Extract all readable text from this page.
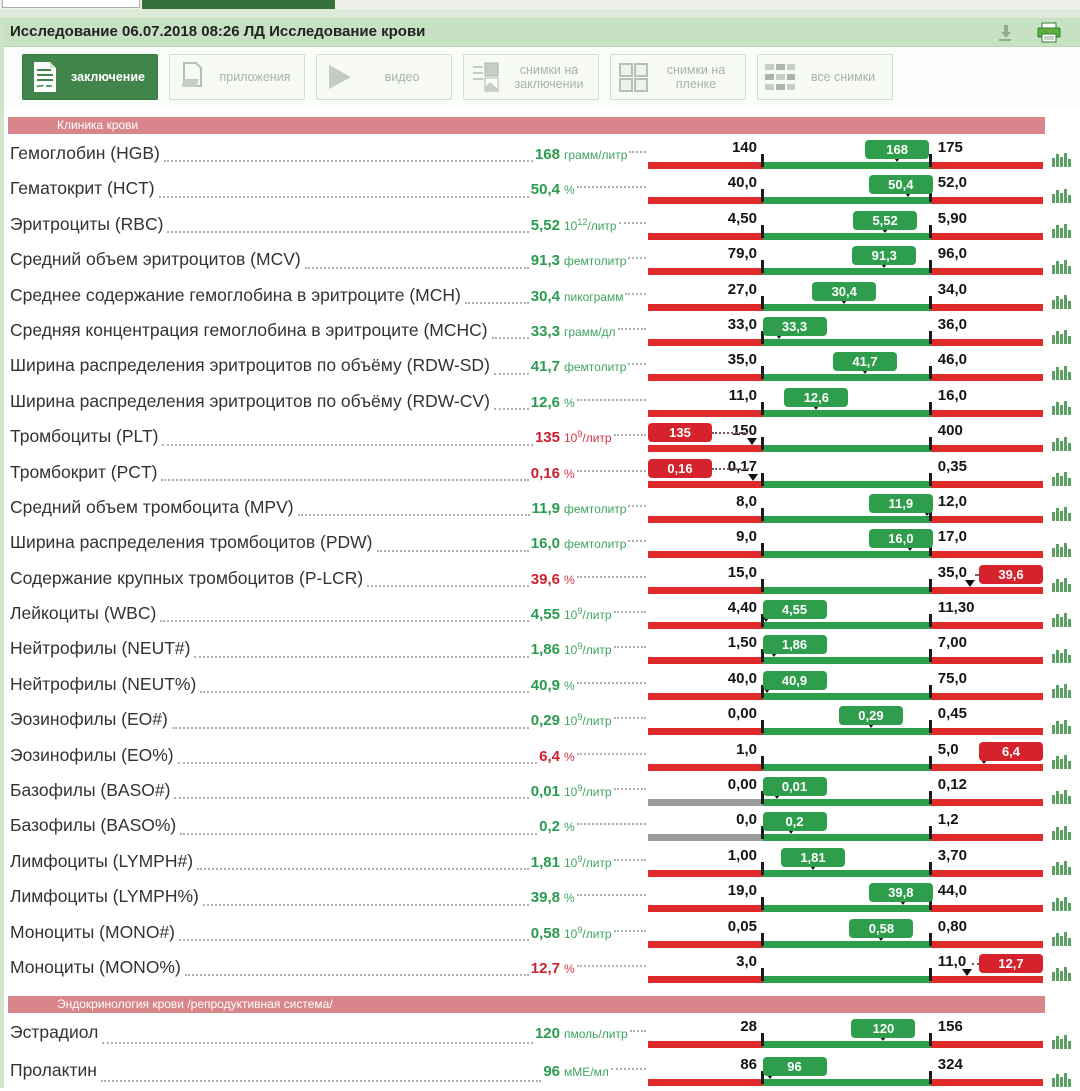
Исследование 06.07.2018 08:26 ЛД Исследование крови
заключение	приложения	видео
снимки на заключении
снимки на пленке
все снимки
Клиника крови
Гемоглобин (HGB)	168 грамм/литр	140	175
168
Гематокрит (HCT)	50,4 %	40,0	52,0
50,4
Эритроциты (RBC)	5,52 $10^{12}$/литр	4,50	5,90
5,52
Средний объем эритроцитов (MCV)	91,3 фемтолитр	79,0	96,0
91,3
Среднее содержание гемоглобина в эритроците (MCH)	30,4 пикограмм	27,0	34,0
30,4
Средняя концентрация гемоглобина в эритроците (MCHC)	33,3 грамм/дл	33,0	36,0
33,3
Ширина распределения эритроцитов по объёму (RDW-SD)	41,7 фемтолитр	35,0	46,0
41,7
Ширина распределения эритроцитов по объёму (RDW-CV)	12,6 %	11,0	16,0
12,6
Тромбоциты (PLT)	135 $10^9$/литр	150	400
135
Тромбокрит (PCT)	0,16 %	0,17	0,35
0,16
Средний объем тромбоцита (MPV)	11,9 фемтолитр	8,0	12,0
11,9
Ширина распределения тромбоцитов (PDW)	16,0 фемтолитр	9,0	17,0
16,0
Содержание крупных тромбоцитов (P-LCR)	39,6 %	15,0	35,0	39,6
Лейкоциты (WBC)	4,55 $10^9$/литр	4,40	11,30
4,55
Нейтрофилы (NEUT#)	1,86 $10^9$/литр	1,50	7,00
1,86
Нейтрофилы (NEUT%)	40,9 %	40,0	75,0
40,9
Эозинофилы (EO#)	0,29 $10^9$/литр	0,00	0,45
0,29
Эозинофилы (EO%)	6,4 %	1,0	5,0	6,4
Базофилы (BASO#)	0,01 $10^9$/литр	0,00	0,12
0,01
Базофилы (BASO%)	0,2 %	0,0	1,2
0,2
Лимфоциты (LYMPH#)	1,81 $10^9$/литр	1,00	3,70
1,81
Лимфоциты (LYMPH%)	39,8 %	19,0	44,0
39,8
Моноциты (MONO#)	0,58 $10^9$/литр	0,05	0,80
0,58
Моноциты (MONO%)	12,7 %	3,0	11,0	12,7
Эндокринология крови /репродуктивная система/
Эстрадиол	120 пмоль/литр	28	156
120
Пролактин	96 мМЕ/мл	86	324
96
